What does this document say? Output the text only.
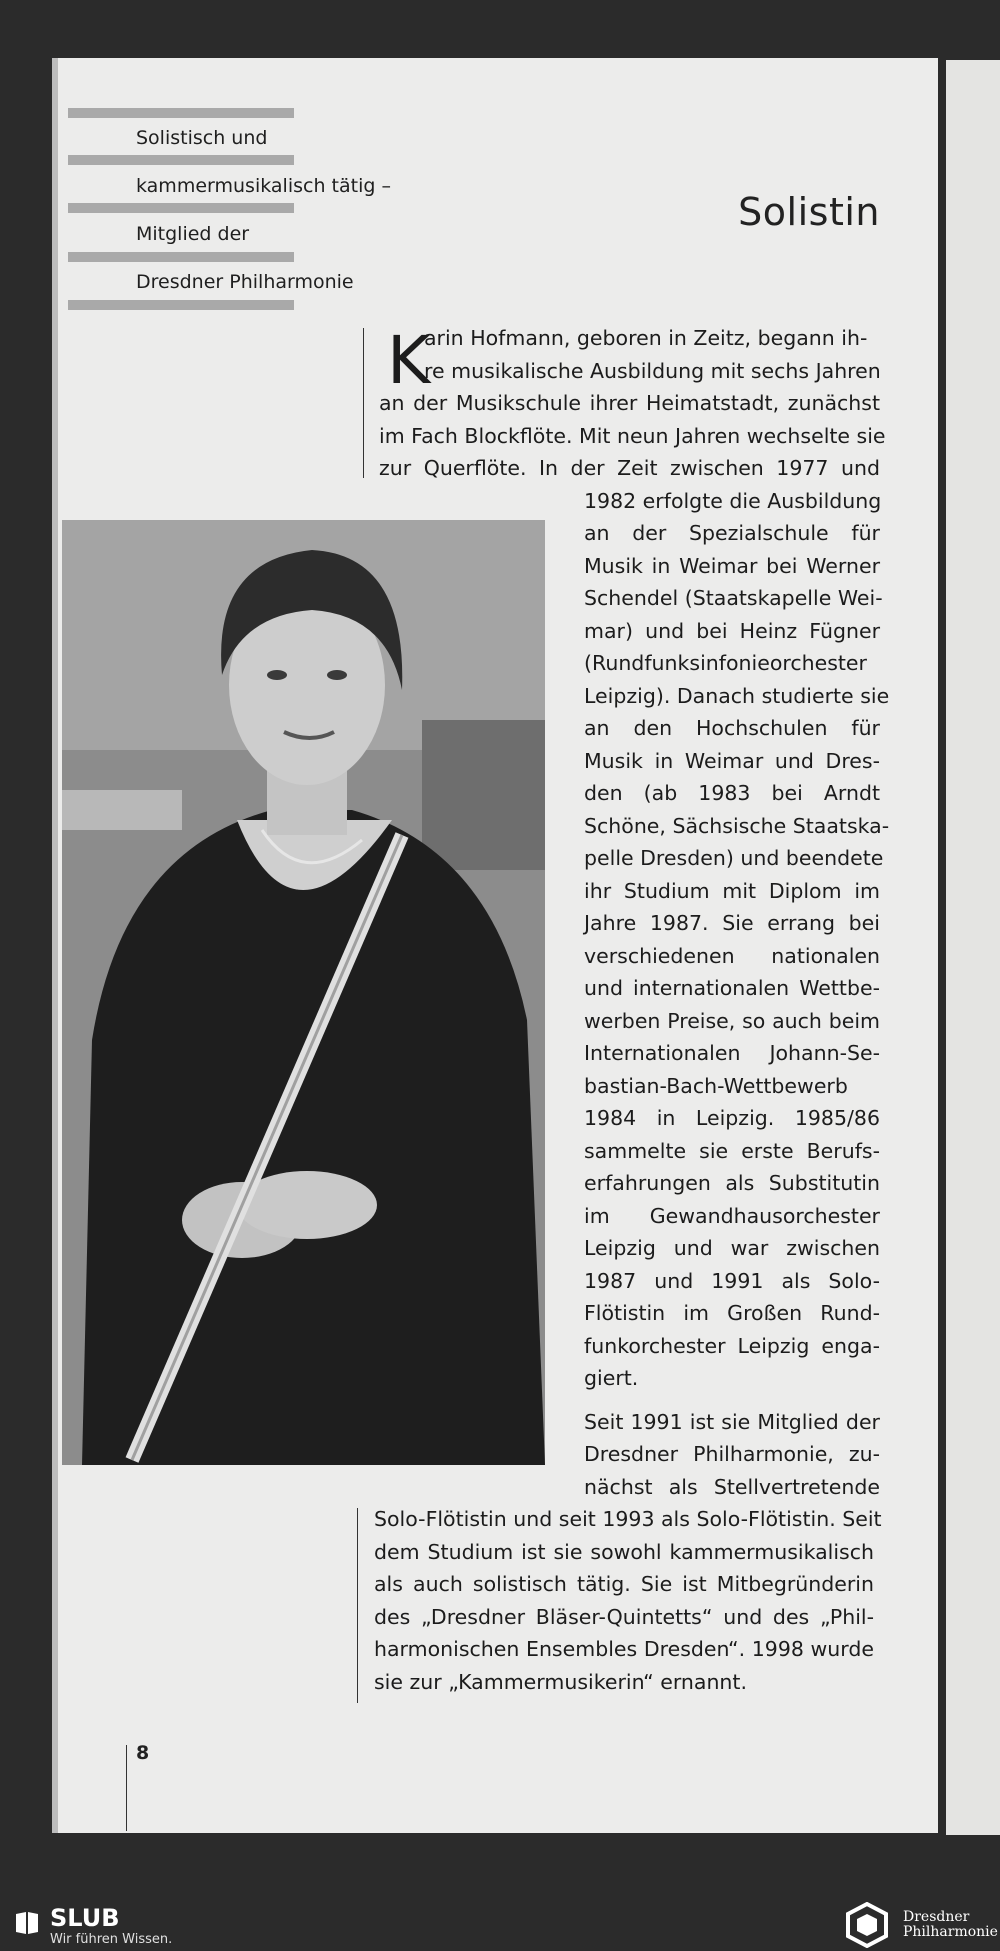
Solistisch und
kammermusikalisch tätig –
Mitglied der
Dresdner Philharmonie
Solistin
K
arin Hofmann, geboren in Zeitz, begann ih-
re musikalische Ausbildung mit sechs Jahren
an der Musikschule ihrer Heimatstadt, zunächst
im Fach Blockflöte. Mit neun Jahren wechselte sie
zur Querflöte. In der Zeit zwischen 1977 und
1982 erfolgte die Ausbildung
an der Spezialschule für
Musik in Weimar bei Werner
Schendel (Staatskapelle Wei-
mar) und bei Heinz Fügner
(Rundfunksinfonieorchester
Leipzig). Danach studierte sie
an den Hochschulen für
Musik in Weimar und Dres-
den (ab 1983 bei Arndt
Schöne, Sächsische Staatska-
pelle Dresden) und beendete
ihr Studium mit Diplom im
Jahre 1987. Sie errang bei
verschiedenen nationalen
und internationalen Wettbe-
werben Preise, so auch beim
Internationalen Johann-Se-
bastian-Bach-Wettbewerb
1984 in Leipzig. 1985/86
sammelte sie erste Berufs-
erfahrungen als Substitutin
im Gewandhausorchester
Leipzig und war zwischen
1987 und 1991 als Solo-
Flötistin im Großen Rund-
funkorchester Leipzig enga-
giert.
Seit 1991 ist sie Mitglied der
Dresdner Philharmonie, zu-
nächst als Stellvertretende
Solo-Flötistin und seit 1993 als Solo-Flötistin. Seit
dem Studium ist sie sowohl kammermusikalisch
als auch solistisch tätig. Sie ist Mitbegründerin
des „Dresdner Bläser-Quintetts“ und des „Phil-
harmonischen Ensembles Dresden“. 1998 wurde
sie zur „Kammermusikerin“ ernannt.
8
SLUB
Wir führen Wissen.
Dresdner
Philharmonie
